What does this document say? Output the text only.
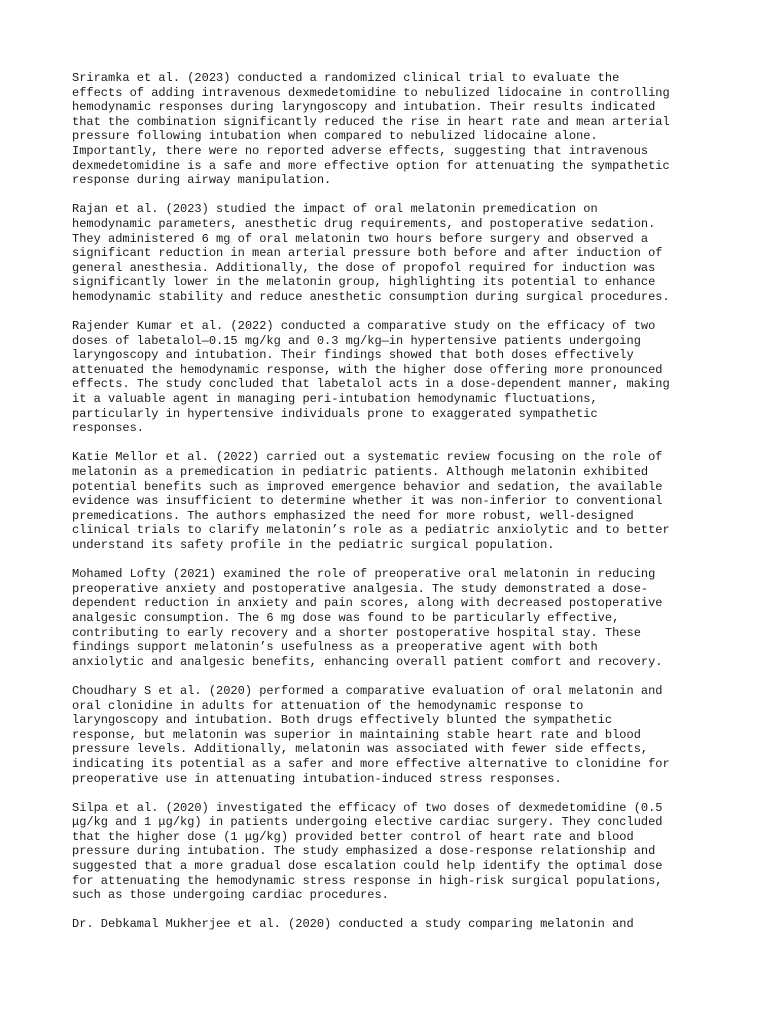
Sriramka et al. (2023) conducted a randomized clinical trial to evaluate the
effects of adding intravenous dexmedetomidine to nebulized lidocaine in controlling
hemodynamic responses during laryngoscopy and intubation. Their results indicated
that the combination significantly reduced the rise in heart rate and mean arterial
pressure following intubation when compared to nebulized lidocaine alone.
Importantly, there were no reported adverse effects, suggesting that intravenous
dexmedetomidine is a safe and more effective option for attenuating the sympathetic
response during airway manipulation.

Rajan et al. (2023) studied the impact of oral melatonin premedication on
hemodynamic parameters, anesthetic drug requirements, and postoperative sedation.
They administered 6 mg of oral melatonin two hours before surgery and observed a
significant reduction in mean arterial pressure both before and after induction of
general anesthesia. Additionally, the dose of propofol required for induction was
significantly lower in the melatonin group, highlighting its potential to enhance
hemodynamic stability and reduce anesthetic consumption during surgical procedures.

Rajender Kumar et al. (2022) conducted a comparative study on the efficacy of two
doses of labetalol—0.15 mg/kg and 0.3 mg/kg—in hypertensive patients undergoing
laryngoscopy and intubation. Their findings showed that both doses effectively
attenuated the hemodynamic response, with the higher dose offering more pronounced
effects. The study concluded that labetalol acts in a dose-dependent manner, making
it a valuable agent in managing peri-intubation hemodynamic fluctuations,
particularly in hypertensive individuals prone to exaggerated sympathetic
responses.

Katie Mellor et al. (2022) carried out a systematic review focusing on the role of
melatonin as a premedication in pediatric patients. Although melatonin exhibited
potential benefits such as improved emergence behavior and sedation, the available
evidence was insufficient to determine whether it was non-inferior to conventional
premedications. The authors emphasized the need for more robust, well-designed
clinical trials to clarify melatonin’s role as a pediatric anxiolytic and to better
understand its safety profile in the pediatric surgical population.

Mohamed Lofty (2021) examined the role of preoperative oral melatonin in reducing
preoperative anxiety and postoperative analgesia. The study demonstrated a dose-
dependent reduction in anxiety and pain scores, along with decreased postoperative
analgesic consumption. The 6 mg dose was found to be particularly effective,
contributing to early recovery and a shorter postoperative hospital stay. These
findings support melatonin’s usefulness as a preoperative agent with both
anxiolytic and analgesic benefits, enhancing overall patient comfort and recovery.

Choudhary S et al. (2020) performed a comparative evaluation of oral melatonin and
oral clonidine in adults for attenuation of the hemodynamic response to
laryngoscopy and intubation. Both drugs effectively blunted the sympathetic
response, but melatonin was superior in maintaining stable heart rate and blood
pressure levels. Additionally, melatonin was associated with fewer side effects,
indicating its potential as a safer and more effective alternative to clonidine for
preoperative use in attenuating intubation-induced stress responses.

Silpa et al. (2020) investigated the efficacy of two doses of dexmedetomidine (0.5
μg/kg and 1 μg/kg) in patients undergoing elective cardiac surgery. They concluded
that the higher dose (1 μg/kg) provided better control of heart rate and blood
pressure during intubation. The study emphasized a dose-response relationship and
suggested that a more gradual dose escalation could help identify the optimal dose
for attenuating the hemodynamic stress response in high-risk surgical populations,
such as those undergoing cardiac procedures.

Dr. Debkamal Mukherjee et al. (2020) conducted a study comparing melatonin and
